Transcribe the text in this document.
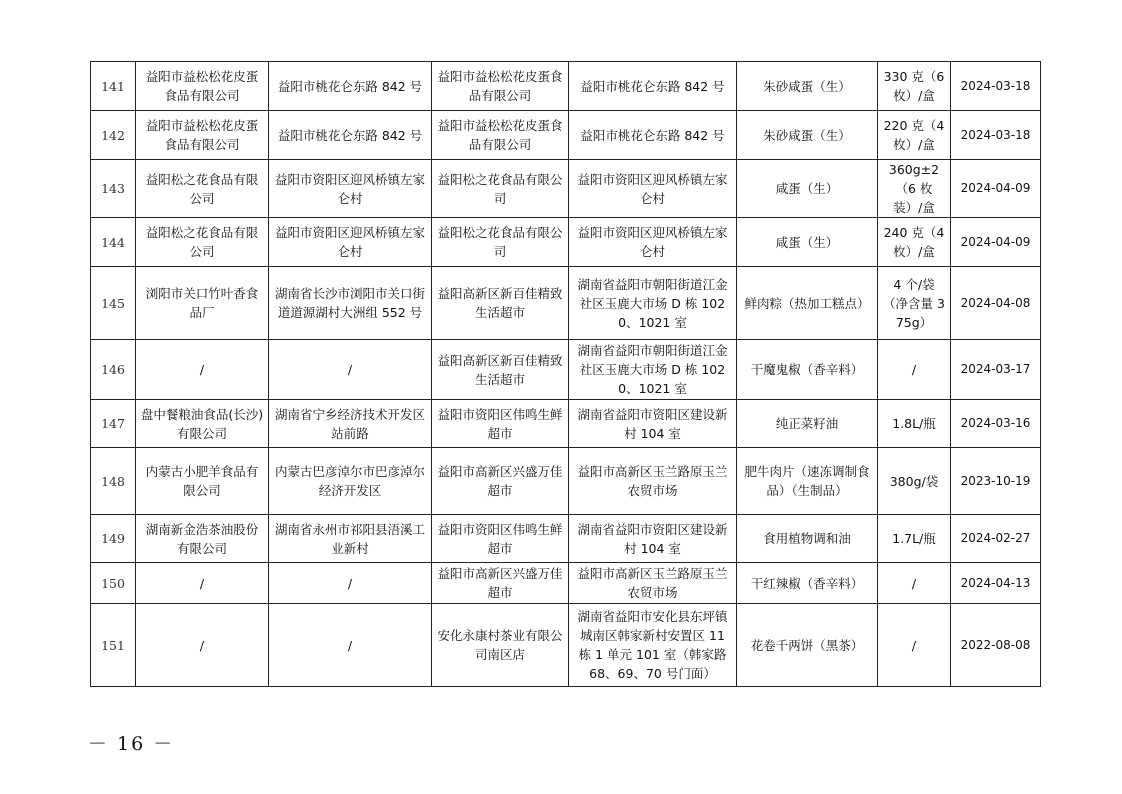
141	益阳市益松松花皮蛋食品有限公司	益阳市桃花仑东路 842 号	益阳市益松松花皮蛋食品有限公司	益阳市桃花仑东路 842 号	朱砂咸蛋（生）	330 克（6 枚）/盒	2024-03-18
142	益阳市益松松花皮蛋食品有限公司	益阳市桃花仑东路 842 号	益阳市益松松花皮蛋食品有限公司	益阳市桃花仑东路 842 号	朱砂咸蛋（生）	220 克（4 枚）/盒	2024-03-18
143	益阳松之花食品有限公司	益阳市资阳区迎风桥镇左家仑村	益阳松之花食品有限公司	益阳市资阳区迎风桥镇左家仑村	咸蛋（生）	360g±2（6 枚装）/盒	2024-04-09
144	益阳松之花食品有限公司	益阳市资阳区迎风桥镇左家仑村	益阳松之花食品有限公司	益阳市资阳区迎风桥镇左家仑村	咸蛋（生）	240 克（4 枚）/盒	2024-04-09
145	浏阳市关口竹叶香食品厂	湖南省长沙市浏阳市关口街道道源湖村大洲组 552 号	益阳高新区新百佳精致生活超市	湖南省益阳市朝阳街道江金社区玉鹿大市场 D 栋 1020、1021 室	鲜肉粽（热加工糕点）	4 个/袋（净含量 375g）	2024-04-08
146	/	/	益阳高新区新百佳精致生活超市	湖南省益阳市朝阳街道江金社区玉鹿大市场 D 栋 1020、1021 室	干魔鬼椒（香辛料）	/	2024-03-17
147	盘中餐粮油食品(长沙)有限公司	湖南省宁乡经济技术开发区站前路	益阳市资阳区伟鸣生鲜超市	湖南省益阳市资阳区建设新村 104 室	纯正菜籽油	1.8L/瓶	2024-03-16
148	内蒙古小肥羊食品有限公司	内蒙古巴彦淖尔市巴彦淖尔经济开发区	益阳市高新区兴盛万佳超市	益阳市高新区玉兰路原玉兰农贸市场	肥牛肉片（速冻调制食品）（生制品）	380g/袋	2023-10-19
149	湖南新金浩茶油股份有限公司	湖南省永州市祁阳县浯溪工业新村	益阳市资阳区伟鸣生鲜超市	湖南省益阳市资阳区建设新村 104 室	食用植物调和油	1.7L/瓶	2024-02-27
150	/	/	益阳市高新区兴盛万佳超市	益阳市高新区玉兰路原玉兰农贸市场	干红辣椒（香辛料）	/	2024-04-13
151	/	/	安化永康村茶业有限公司南区店	湖南省益阳市安化县东坪镇城南区韩家新村安置区 11 栋 1 单元 101 室（韩家路 68、69、70 号门面）	花卷千两饼（黑茶）	/	2022-08-08
－ 16 －
